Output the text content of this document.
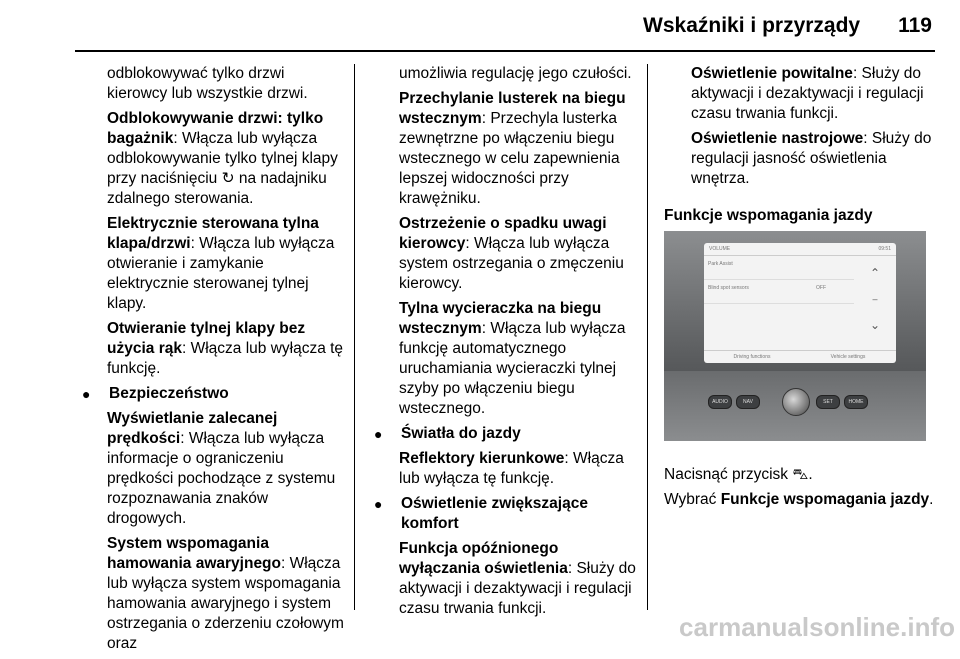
Wskaźniki i przyrządy 119

odblokowywać tylko drzwi kierowcy lub wszystkie drzwi.

Odblokowywanie drzwi: tylko bagażnik: Włącza lub wyłącza odblokowywanie tylko tylnej klapy przy naciśnięciu ↻ na nadajniku zdalnego sterowania.

Elektrycznie sterowana tylna klapa/drzwi: Włącza lub wyłącza otwieranie i zamykanie elektrycznie sterowanej tylnej klapy.

Otwieranie tylnej klapy bez użycia rąk: Włącza lub wyłącza tę funkcję.

●	Bezpieczeństwo

Wyświetlanie zalecanej prędkości: Włącza lub wyłącza informacje o ograniczeniu prędkości pochodzące z systemu rozpoznawania znaków drogowych.

System wspomagania hamowania awaryjnego: Włącza lub wyłącza system wspomagania hamowania awaryjnego i system ostrzegania o zderzeniu czołowym oraz

umożliwia regulację jego czułości.

Przechylanie lusterek na biegu wstecznym: Przechyla lusterka zewnętrzne po włączeniu biegu wstecznego w celu zapewnienia lepszej widoczności przy krawężniku.

Ostrzeżenie o spadku uwagi kierowcy: Włącza lub wyłącza system ostrzegania o zmęczeniu kierowcy.

Tylna wycieraczka na biegu wstecznym: Włącza lub wyłącza funkcję automatycznego uruchamiania wycieraczki tylnej szyby po włączeniu biegu wstecznego.

●	Światła do jazdy

Reflektory kierunkowe: Włącza lub wyłącza tę funkcję.

●	Oświetlenie zwiększające komfort

Funkcja opóźnionego wyłączania oświetlenia: Służy do aktywacji i dezaktywacji i regulacji czasu trwania funkcji.

Oświetlenie powitalne: Służy do aktywacji i dezaktywacji i regulacji czasu trwania funkcji.

Oświetlenie nastrojowe: Służy do regulacji jasność oświetlenia wnętrza.

Funkcje wspomagania jazdy

VOLUME	09:51
Park Assist
Blind spot sensors	OFF
⌃
–
⌄
Driving functions	Vehicle settings
AUDIO	NAV	SET	HOME

Nacisnąć przycisk ⛍.

Wybrać Funkcje wspomagania jazdy.

carmanualsonline.info
